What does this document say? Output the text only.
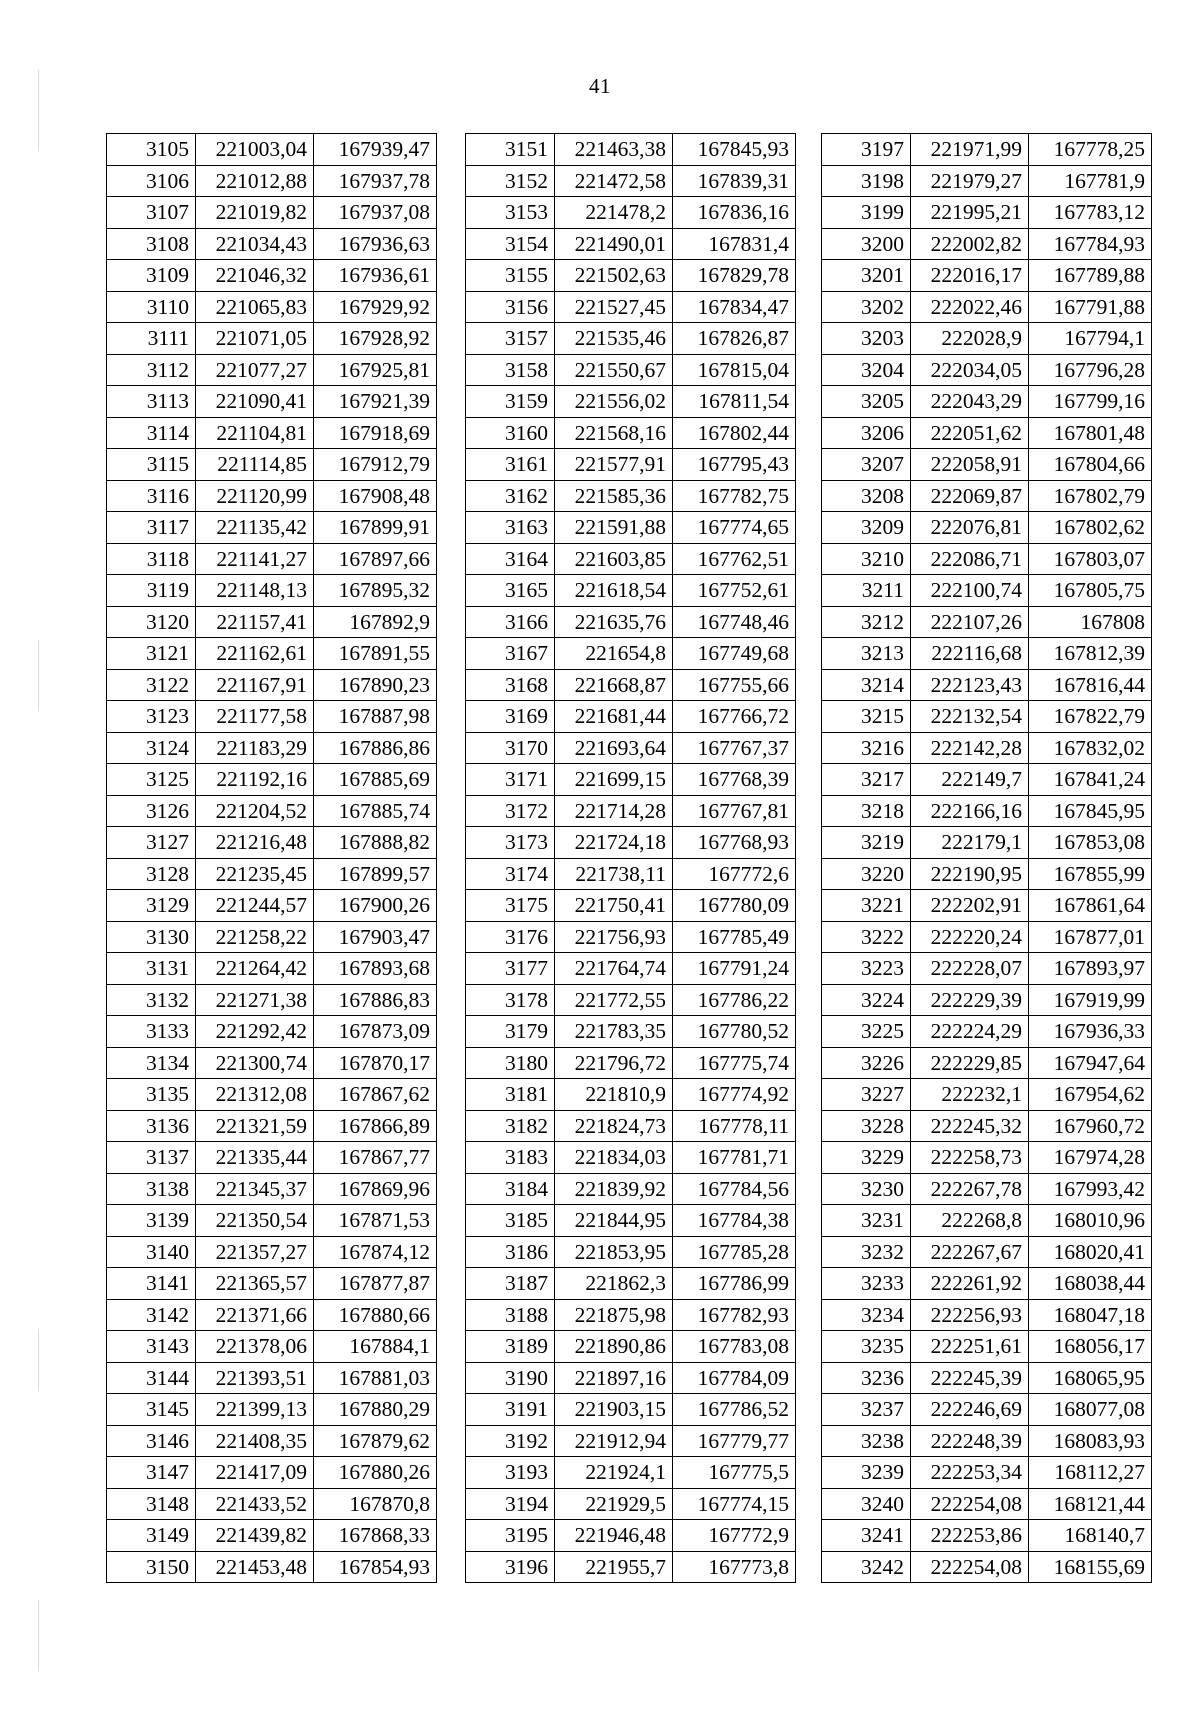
41
3105	221003,04	167939,47
3106	221012,88	167937,78
3107	221019,82	167937,08
3108	221034,43	167936,63
3109	221046,32	167936,61
3110	221065,83	167929,92
3111	221071,05	167928,92
3112	221077,27	167925,81
3113	221090,41	167921,39
3114	221104,81	167918,69
3115	221114,85	167912,79
3116	221120,99	167908,48
3117	221135,42	167899,91
3118	221141,27	167897,66
3119	221148,13	167895,32
3120	221157,41	167892,9
3121	221162,61	167891,55
3122	221167,91	167890,23
3123	221177,58	167887,98
3124	221183,29	167886,86
3125	221192,16	167885,69
3126	221204,52	167885,74
3127	221216,48	167888,82
3128	221235,45	167899,57
3129	221244,57	167900,26
3130	221258,22	167903,47
3131	221264,42	167893,68
3132	221271,38	167886,83
3133	221292,42	167873,09
3134	221300,74	167870,17
3135	221312,08	167867,62
3136	221321,59	167866,89
3137	221335,44	167867,77
3138	221345,37	167869,96
3139	221350,54	167871,53
3140	221357,27	167874,12
3141	221365,57	167877,87
3142	221371,66	167880,66
3143	221378,06	167884,1
3144	221393,51	167881,03
3145	221399,13	167880,29
3146	221408,35	167879,62
3147	221417,09	167880,26
3148	221433,52	167870,8
3149	221439,82	167868,33
3150	221453,48	167854,93
3151	221463,38	167845,93
3152	221472,58	167839,31
3153	221478,2	167836,16
3154	221490,01	167831,4
3155	221502,63	167829,78
3156	221527,45	167834,47
3157	221535,46	167826,87
3158	221550,67	167815,04
3159	221556,02	167811,54
3160	221568,16	167802,44
3161	221577,91	167795,43
3162	221585,36	167782,75
3163	221591,88	167774,65
3164	221603,85	167762,51
3165	221618,54	167752,61
3166	221635,76	167748,46
3167	221654,8	167749,68
3168	221668,87	167755,66
3169	221681,44	167766,72
3170	221693,64	167767,37
3171	221699,15	167768,39
3172	221714,28	167767,81
3173	221724,18	167768,93
3174	221738,11	167772,6
3175	221750,41	167780,09
3176	221756,93	167785,49
3177	221764,74	167791,24
3178	221772,55	167786,22
3179	221783,35	167780,52
3180	221796,72	167775,74
3181	221810,9	167774,92
3182	221824,73	167778,11
3183	221834,03	167781,71
3184	221839,92	167784,56
3185	221844,95	167784,38
3186	221853,95	167785,28
3187	221862,3	167786,99
3188	221875,98	167782,93
3189	221890,86	167783,08
3190	221897,16	167784,09
3191	221903,15	167786,52
3192	221912,94	167779,77
3193	221924,1	167775,5
3194	221929,5	167774,15
3195	221946,48	167772,9
3196	221955,7	167773,8
3197	221971,99	167778,25
3198	221979,27	167781,9
3199	221995,21	167783,12
3200	222002,82	167784,93
3201	222016,17	167789,88
3202	222022,46	167791,88
3203	222028,9	167794,1
3204	222034,05	167796,28
3205	222043,29	167799,16
3206	222051,62	167801,48
3207	222058,91	167804,66
3208	222069,87	167802,79
3209	222076,81	167802,62
3210	222086,71	167803,07
3211	222100,74	167805,75
3212	222107,26	167808
3213	222116,68	167812,39
3214	222123,43	167816,44
3215	222132,54	167822,79
3216	222142,28	167832,02
3217	222149,7	167841,24
3218	222166,16	167845,95
3219	222179,1	167853,08
3220	222190,95	167855,99
3221	222202,91	167861,64
3222	222220,24	167877,01
3223	222228,07	167893,97
3224	222229,39	167919,99
3225	222224,29	167936,33
3226	222229,85	167947,64
3227	222232,1	167954,62
3228	222245,32	167960,72
3229	222258,73	167974,28
3230	222267,78	167993,42
3231	222268,8	168010,96
3232	222267,67	168020,41
3233	222261,92	168038,44
3234	222256,93	168047,18
3235	222251,61	168056,17
3236	222245,39	168065,95
3237	222246,69	168077,08
3238	222248,39	168083,93
3239	222253,34	168112,27
3240	222254,08	168121,44
3241	222253,86	168140,7
3242	222254,08	168155,69
